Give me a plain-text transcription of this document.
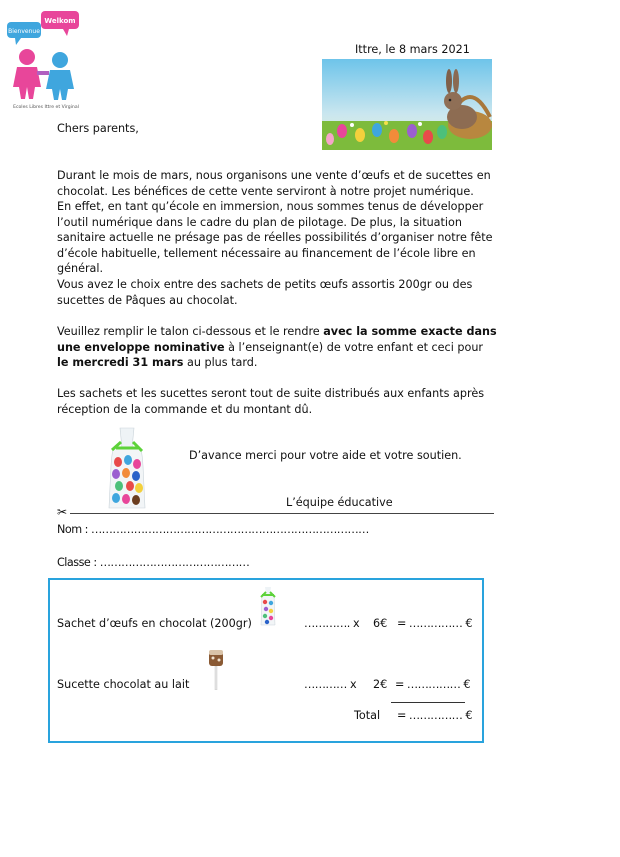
Bienvenue
Welkom
Ecoles Libres Ittre et Virginal
Ittre, le 8 mars 2021
Chers parents,

Durant le mois de mars, nous organisons une vente d’œufs et de sucettes en chocolat. Les bénéfices de cette vente serviront à notre projet numérique.

En effet, en tant qu’école en immersion, nous sommes tenus de développer l’outil numérique dans le cadre du plan de pilotage. De plus, la situation sanitaire actuelle ne présage pas de réelles possibilités d’organiser notre fête d’école habituelle, tellement nécessaire au financement de l’école libre en général.

Vous avez le choix entre des sachets de petits œufs assortis 200gr ou des sucettes de Pâques au chocolat.

Veuillez remplir le talon ci-dessous et le rendre avec la somme exacte dans une enveloppe nominative à l’enseignant(e) de votre enfant et ceci pour le mercredi 31 mars au plus tard.

Les sachets et les sucettes seront tout de suite distribués aux enfants après réception de la commande et du montant dû.

D’avance merci pour votre aide et votre soutien.
L’équipe éducative
✂
Nom : ……………………………………………………………………
Classe : ……………………………………
Sachet d’œufs en chocolat (200gr)	…………. x 6€ = …………… €
Sucette chocolat au lait	………… x 2€ = …………… €
Total = …………… €
